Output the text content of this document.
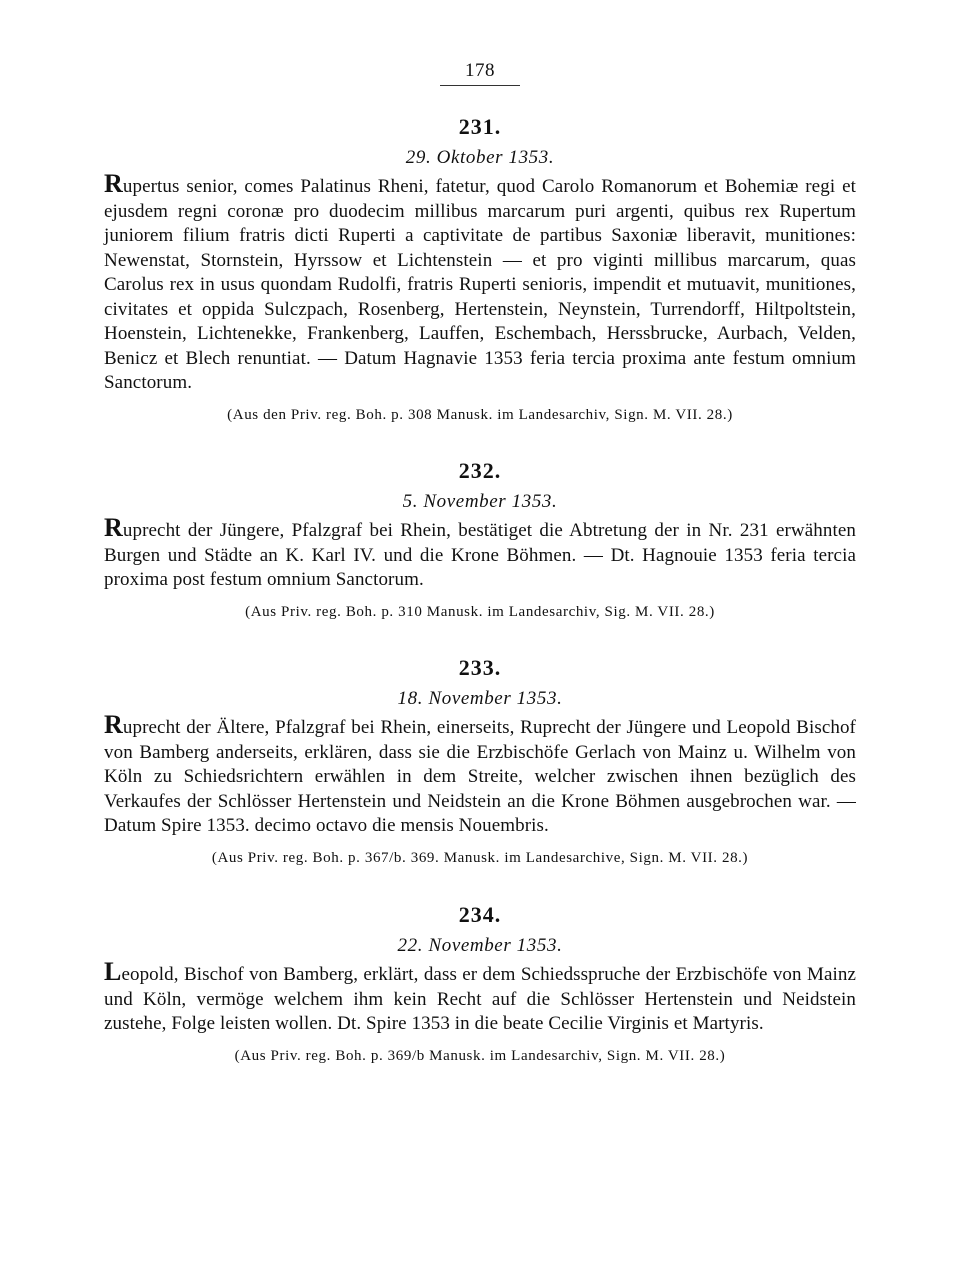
178
231.
29. Oktober 1353.

Rupertus senior, comes Palatinus Rheni, fatetur, quod Carolo Romanorum et Bohemiæ regi et ejusdem regni coronæ pro duodecim millibus marcarum puri argenti, quibus rex Rupertum juniorem filium fratris dicti Ruperti a captivitate de partibus Saxoniæ liberavit, munitiones: Newenstat, Stornstein, Hyrssow et Lichtenstein — et pro viginti millibus marcarum, quas Carolus rex in usus quondam Rudolfi, fratris Ruperti senioris, impendit et mutuavit, munitiones, civitates et oppida Sulczpach, Rosenberg, Hertenstein, Neynstein, Turrendorff, Hiltpoltstein, Hoenstein, Lichtenekke, Frankenberg, Lauffen, Eschembach, Herssbrucke, Aurbach, Velden, Benicz et Blech renuntiat. — Datum Hagnavie 1353 feria tercia proxima ante festum omnium Sanctorum.

(Aus den Priv. reg. Boh. p. 308 Manusk. im Landesarchiv, Sign. M. VII. 28.)
232.
5. November 1353.

Ruprecht der Jüngere, Pfalzgraf bei Rhein, bestätiget die Abtretung der in Nr. 231 erwähnten Burgen und Städte an K. Karl IV. und die Krone Böhmen. — Dt. Hagnouie 1353 feria tercia proxima post festum omnium Sanctorum.

(Aus Priv. reg. Boh. p. 310 Manusk. im Landesarchiv, Sig. M. VII. 28.)
233.
18. November 1353.

Ruprecht der Ältere, Pfalzgraf bei Rhein, einerseits, Ruprecht der Jüngere und Leopold Bischof von Bamberg anderseits, erklären, dass sie die Erzbischöfe Gerlach von Mainz u. Wilhelm von Köln zu Schiedsrichtern erwählen in dem Streite, welcher zwischen ihnen bezüglich des Verkaufes der Schlösser Hertenstein und Neidstein an die Krone Böhmen ausgebrochen war. — Datum Spire 1353. decimo octavo die mensis Nouembris.

(Aus Priv. reg. Boh. p. 367/b. 369. Manusk. im Landesarchive, Sign. M. VII. 28.)
234.
22. November 1353.

Leopold, Bischof von Bamberg, erklärt, dass er dem Schiedsspruche der Erzbischöfe von Mainz und Köln, vermöge welchem ihm kein Recht auf die Schlösser Hertenstein und Neidstein zustehe, Folge leisten wollen. Dt. Spire 1353 in die beate Cecilie Virginis et Martyris.

(Aus Priv. reg. Boh. p. 369/b Manusk. im Landesarchiv, Sign. M. VII. 28.)
